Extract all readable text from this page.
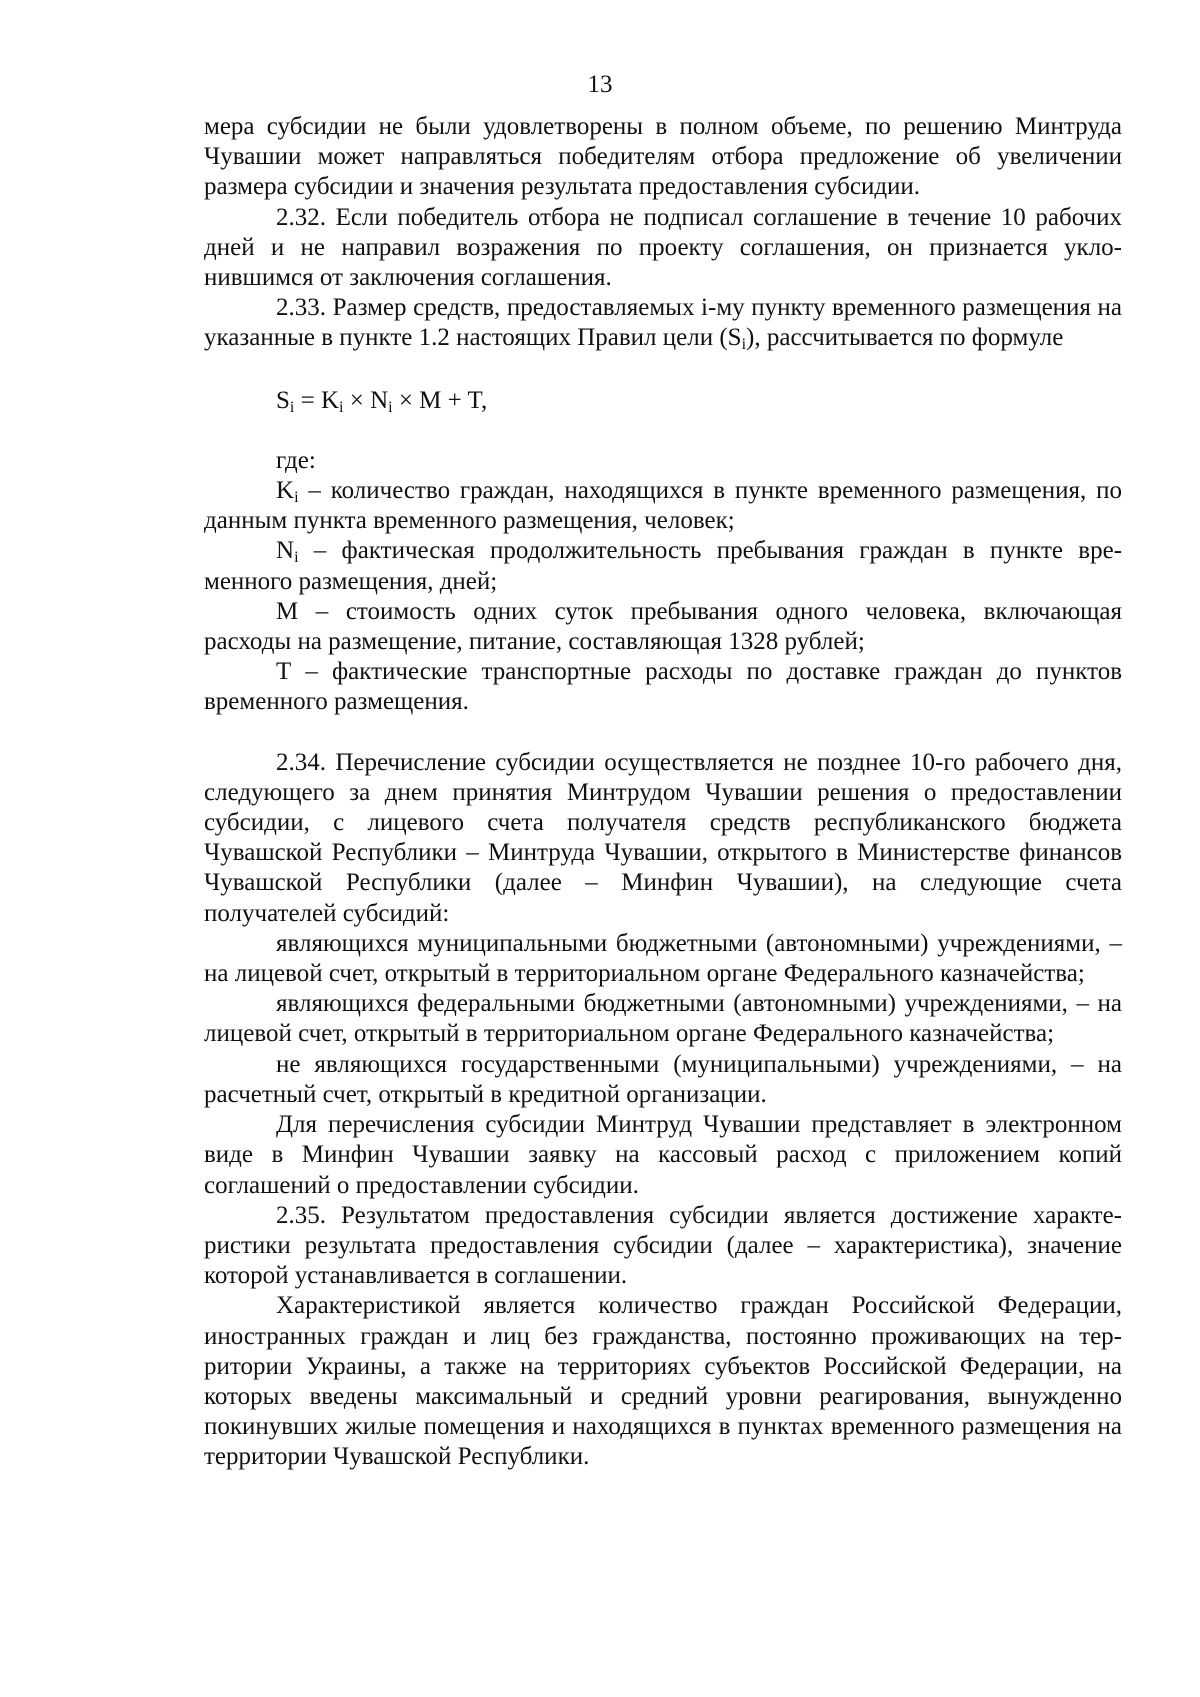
13

мера субсидии не были удовлетворены в полном объеме, по решению Минтруда Чувашии может направляться победителям отбора предложение об увеличении размера субсидии и значения результата предоставления субсидии.

2.32. Если победитель отбора не подписал соглашение в течение 10 рабочих дней и не направил возражения по проекту соглашения, он признается уклонившимся от заключения соглашения.

2.33. Размер средств, предоставляемых i-му пункту временного размещения на указанные в пункте 1.2 настоящих Правил цели $(S_i)$, рассчитывается по формуле

$S_i = K_i \times N_i \times M + T$,

где:

$K_i$ – количество граждан, находящихся в пункте временного размещения, по данным пункта временного размещения, человек;

$N_i$ – фактическая продолжительность пребывания граждан в пункте временного размещения, дней;

М – стоимость одних суток пребывания одного человека, включающая расходы на размещение, питание, составляющая 1328 рублей;

Т – фактические транспортные расходы по доставке граждан до пунктов временного размещения.

2.34. Перечисление субсидии осуществляется не позднее 10-го рабочего дня, следующего за днем принятия Минтрудом Чувашии решения о предоставлении субсидии, с лицевого счета получателя средств республиканского бюджета Чувашской Республики – Минтруда Чувашии, открытого в Министерстве финансов Чувашской Республики (далее – Минфин Чувашии), на следующие счета получателей субсидий:

являющихся муниципальными бюджетными (автономными) учреждениями, – на лицевой счет, открытый в территориальном органе Федерального казначейства;

являющихся федеральными бюджетными (автономными) учреждениями, – на лицевой счет, открытый в территориальном органе Федерального казначейства;

не являющихся государственными (муниципальными) учреждениями, – на расчетный счет, открытый в кредитной организации.

Для перечисления субсидии Минтруд Чувашии представляет в электронном виде в Минфин Чувашии заявку на кассовый расход с приложением копий соглашений о предоставлении субсидии.

2.35. Результатом предоставления субсидии является достижение характеристики результата предоставления субсидии (далее – характеристика), значение которой устанавливается в соглашении.

Характеристикой является количество граждан Российской Федерации, иностранных граждан и лиц без гражданства, постоянно проживающих на территории Украины, а также на территориях субъектов Российской Федерации, на которых введены максимальный и средний уровни реагирования, вынужденно покинувших жилые помещения и находящихся в пунктах временного размещения на территории Чувашской Республики.
